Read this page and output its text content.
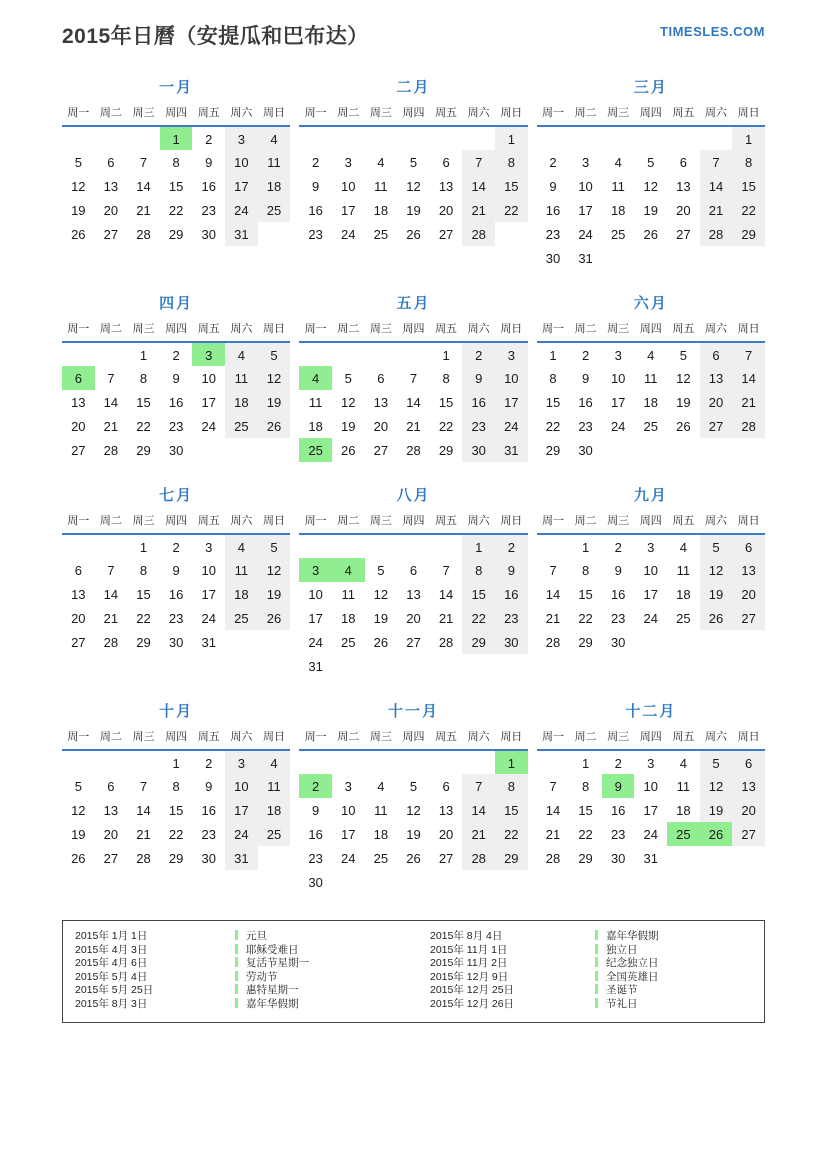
2015年日曆（安提瓜和巴布达）	TIMESLES.COM
一月
周一	周二	周三	周四	周五	周六	周日
			1	2	3	4
5	6	7	8	9	10	11
12	13	14	15	16	17	18
19	20	21	22	23	24	25
26	27	28	29	30	31	
二月
周一	周二	周三	周四	周五	周六	周日
						1
2	3	4	5	6	7	8
9	10	11	12	13	14	15
16	17	18	19	20	21	22
23	24	25	26	27	28	
三月
周一	周二	周三	周四	周五	周六	周日
						1
2	3	4	5	6	7	8
9	10	11	12	13	14	15
16	17	18	19	20	21	22
23	24	25	26	27	28	29
30	31					
四月
周一	周二	周三	周四	周五	周六	周日
		1	2	3	4	5
6	7	8	9	10	11	12
13	14	15	16	17	18	19
20	21	22	23	24	25	26
27	28	29	30			
五月
周一	周二	周三	周四	周五	周六	周日
				1	2	3
4	5	6	7	8	9	10
11	12	13	14	15	16	17
18	19	20	21	22	23	24
25	26	27	28	29	30	31
六月
周一	周二	周三	周四	周五	周六	周日
1	2	3	4	5	6	7
8	9	10	11	12	13	14
15	16	17	18	19	20	21
22	23	24	25	26	27	28
29	30					
七月
周一	周二	周三	周四	周五	周六	周日
		1	2	3	4	5
6	7	8	9	10	11	12
13	14	15	16	17	18	19
20	21	22	23	24	25	26
27	28	29	30	31		
八月
周一	周二	周三	周四	周五	周六	周日
					1	2
3	4	5	6	7	8	9
10	11	12	13	14	15	16
17	18	19	20	21	22	23
24	25	26	27	28	29	30
31						
九月
周一	周二	周三	周四	周五	周六	周日
	1	2	3	4	5	6
7	8	9	10	11	12	13
14	15	16	17	18	19	20
21	22	23	24	25	26	27
28	29	30				
十月
周一	周二	周三	周四	周五	周六	周日
			1	2	3	4
5	6	7	8	9	10	11
12	13	14	15	16	17	18
19	20	21	22	23	24	25
26	27	28	29	30	31	
十一月
周一	周二	周三	周四	周五	周六	周日
						1
2	3	4	5	6	7	8
9	10	11	12	13	14	15
16	17	18	19	20	21	22
23	24	25	26	27	28	29
30						
十二月
周一	周二	周三	周四	周五	周六	周日
	1	2	3	4	5	6
7	8	9	10	11	12	13
14	15	16	17	18	19	20
21	22	23	24	25	26	27
28	29	30	31			
2015年 1月 1日	元旦	2015年 8月 4日	嘉年华假期
2015年 4月 3日	耶稣受难日	2015年 11月 1日	独立日
2015年 4月 6日	复活节星期一	2015年 11月 2日	纪念独立日
2015年 5月 4日	劳动节	2015年 12月 9日	全国英雄日
2015年 5月 25日	惠特星期一	2015年 12月 25日	圣诞节
2015年 8月 3日	嘉年华假期	2015年 12月 26日	节礼日
